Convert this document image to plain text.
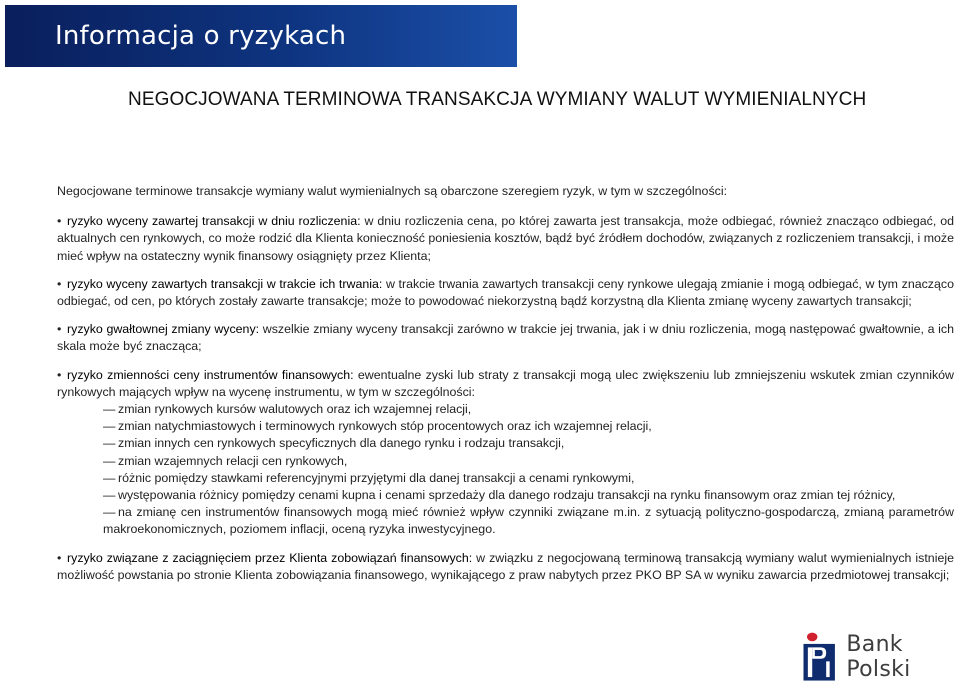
Informacja o ryzykach
NEGOCJOWANA TERMINOWA TRANSAKCJA WYMIANY WALUT WYMIENIALNYCH

Negocjowane terminowe transakcje wymiany walut wymienialnych są obarczone szeregiem ryzyk, w tym w szczególności:

• ryzyko wyceny zawartej transakcji w dniu rozliczenia: w dniu rozliczenia cena, po której zawarta jest transakcja, może odbiegać, również znacząco odbiegać, od aktualnych cen rynkowych, co może rodzić dla Klienta konieczność poniesienia kosztów, bądź być źródłem dochodów, związanych z rozliczeniem transakcji, i może mieć wpływ na ostateczny wynik finansowy osiągnięty przez Klienta;

• ryzyko wyceny zawartych transakcji w trakcie ich trwania: w trakcie trwania zawartych transakcji ceny rynkowe ulegają zmianie i mogą odbiegać, w tym znacząco odbiegać, od cen, po których zostały zawarte transakcje; może to powodować niekorzystną bądź korzystną dla Klienta zmianę wyceny zawartych transakcji;

• ryzyko gwałtownej zmiany wyceny: wszelkie zmiany wyceny transakcji zarówno w trakcie jej trwania, jak i w dniu rozliczenia, mogą następować gwałtownie, a ich skala może być znacząca;

• ryzyko zmienności ceny instrumentów finansowych: ewentualne zyski lub straty z transakcji mogą ulec zwiększeniu lub zmniejszeniu wskutek zmian czynników rynkowych mających wpływ na wycenę instrumentu, w tym w szczególności:
— zmian rynkowych kursów walutowych oraz ich wzajemnej relacji,
— zmian natychmiastowych i terminowych rynkowych stóp procentowych oraz ich wzajemnej relacji,
— zmian innych cen rynkowych specyficznych dla danego rynku i rodzaju transakcji,
— zmian wzajemnych relacji cen rynkowych,
— różnic pomiędzy stawkami referencyjnymi przyjętymi dla danej transakcji a cenami rynkowymi,
— występowania różnicy pomiędzy cenami kupna i cenami sprzedaży dla danego rodzaju transakcji na rynku finansowym oraz zmian tej różnicy,
— na zmianę cen instrumentów finansowych mogą mieć również wpływ czynniki związane m.in. z sytuacją polityczno-gospodarczą, zmianą parametrów makroekonomicznych, poziomem inflacji, oceną ryzyka inwestycyjnego.

• ryzyko związane z zaciągnięciem przez Klienta zobowiązań finansowych: w związku z negocjowaną terminową transakcją wymiany walut wymienialnych istnieje możliwość powstania po stronie Klienta zobowiązania finansowego, wynikającego z praw nabytych przez PKO BP SA w wyniku zawarcia przedmiotowej transakcji;

Bank Polski
